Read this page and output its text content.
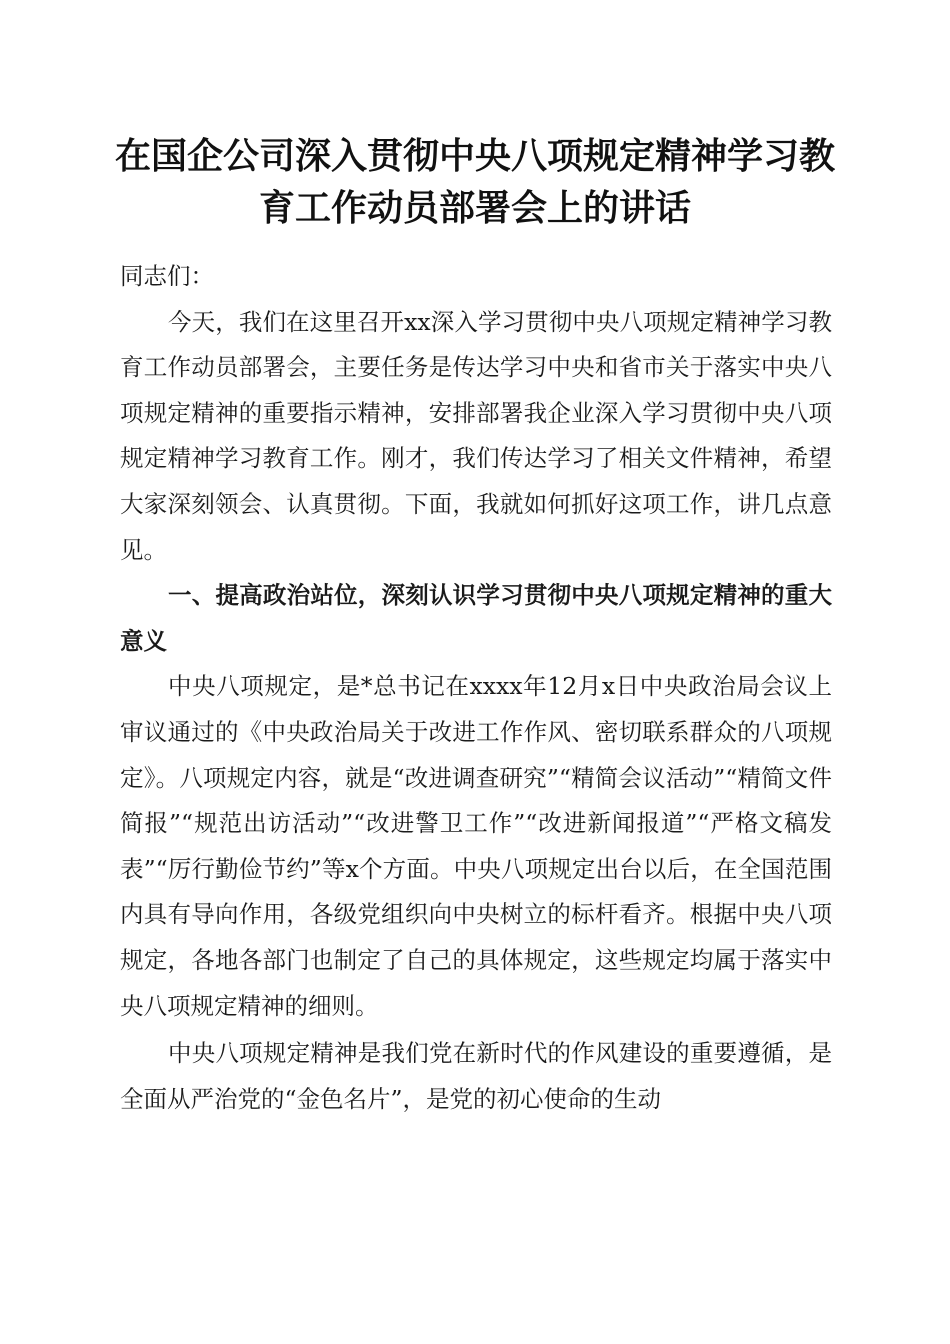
在国企公司深入贯彻中央八项规定精神学习教
育工作动员部署会上的讲话

同志们：

今天，我们在这里召开xx深入学习贯彻中央八项规定精神学习教育工作动员部署会，主要任务是传达学习中央和省市关于落实中央八项规定精神的重要指示精神，安排部署我企业深入学习贯彻中央八项规定精神学习教育工作。刚才，我们传达学习了相关文件精神，希望大家深刻领会、认真贯彻。下面，我就如何抓好这项工作，讲几点意见。

一、提高政治站位，深刻认识学习贯彻中央八项规定精神的重大意义

中央八项规定，是*总书记在xxxx年12月x日中央政治局会议上审议通过的《中央政治局关于改进工作作风、密切联系群众的八项规定》。八项规定内容，就是“改进调查研究”“精简会议活动”“精简文件简报”“规范出访活动”“改进警卫工作”“改进新闻报道”“严格文稿发表”“厉行勤俭节约”等x个方面。中央八项规定出台以后，在全国范围内具有导向作用，各级党组织向中央树立的标杆看齐。根据中央八项规定，各地各部门也制定了自己的具体规定，这些规定均属于落实中央八项规定精神的细则。

中央八项规定精神是我们党在新时代的作风建设的重要遵循，是全面从严治党的“金色名片”，是党的初心使命的生动
